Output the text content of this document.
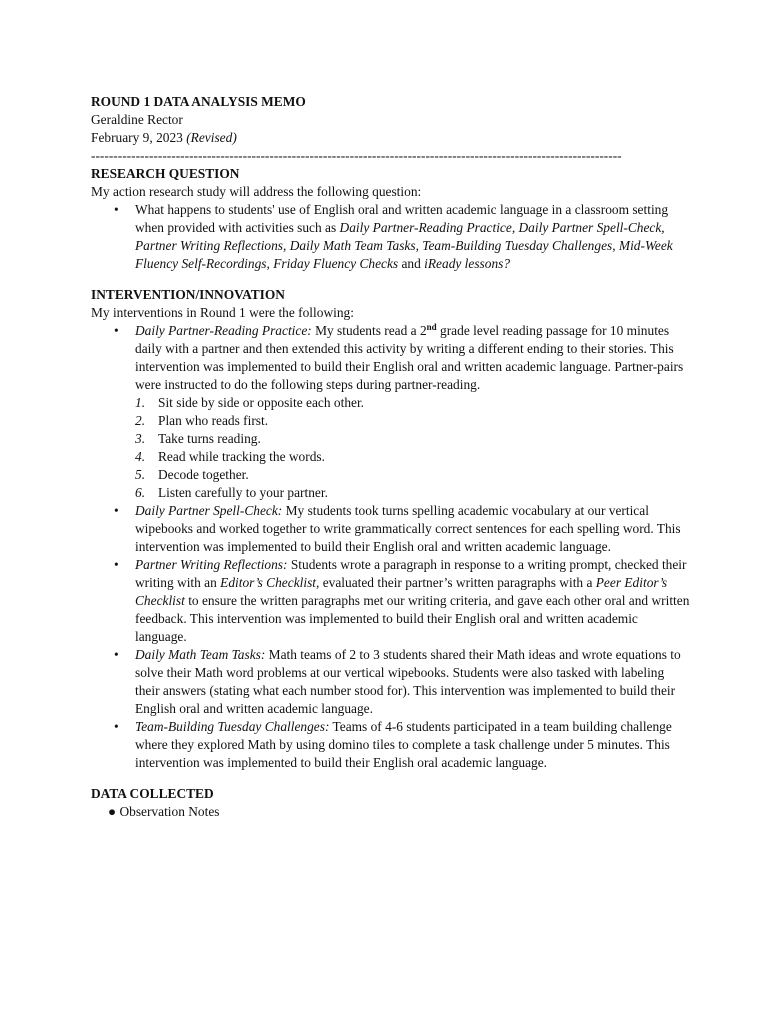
ROUND 1 DATA ANALYSIS MEMO
Geraldine Rector
February 9, 2023 (Revised)
-----------------------------------------------------------------------------------------------------------------------
RESEARCH QUESTION
My action research study will address the following question:
• What happens to students' use of English oral and written academic language in a classroom setting when provided with activities such as Daily Partner-Reading Practice, Daily Partner Spell-Check, Partner Writing Reflections, Daily Math Team Tasks, Team-Building Tuesday Challenges, Mid-Week Fluency Self-Recordings, Friday Fluency Checks and iReady lessons?
INTERVENTION/INNOVATION
My interventions in Round 1 were the following:
• Daily Partner-Reading Practice: My students read a 2nd grade level reading passage for 10 minutes daily with a partner and then extended this activity by writing a different ending to their stories. This intervention was implemented to build their English oral and written academic language. Partner-pairs were instructed to do the following steps during partner-reading.
1. Sit side by side or opposite each other.
2. Plan who reads first.
3. Take turns reading.
4. Read while tracking the words.
5. Decode together.
6. Listen carefully to your partner.
• Daily Partner Spell-Check: My students took turns spelling academic vocabulary at our vertical wipebooks and worked together to write grammatically correct sentences for each spelling word. This intervention was implemented to build their English oral and written academic language.
• Partner Writing Reflections: Students wrote a paragraph in response to a writing prompt, checked their writing with an Editor’s Checklist, evaluated their partner’s written paragraphs with a Peer Editor’s Checklist to ensure the written paragraphs met our writing criteria, and gave each other oral and written feedback. This intervention was implemented to build their English oral and written academic language.
• Daily Math Team Tasks: Math teams of 2 to 3 students shared their Math ideas and wrote equations to solve their Math word problems at our vertical wipebooks. Students were also tasked with labeling their answers (stating what each number stood for). This intervention was implemented to build their English oral and written academic language.
• Team-Building Tuesday Challenges: Teams of 4-6 students participated in a team building challenge where they explored Math by using domino tiles to complete a task challenge under 5 minutes. This intervention was implemented to build their English oral academic language.
DATA COLLECTED
● Observation Notes
